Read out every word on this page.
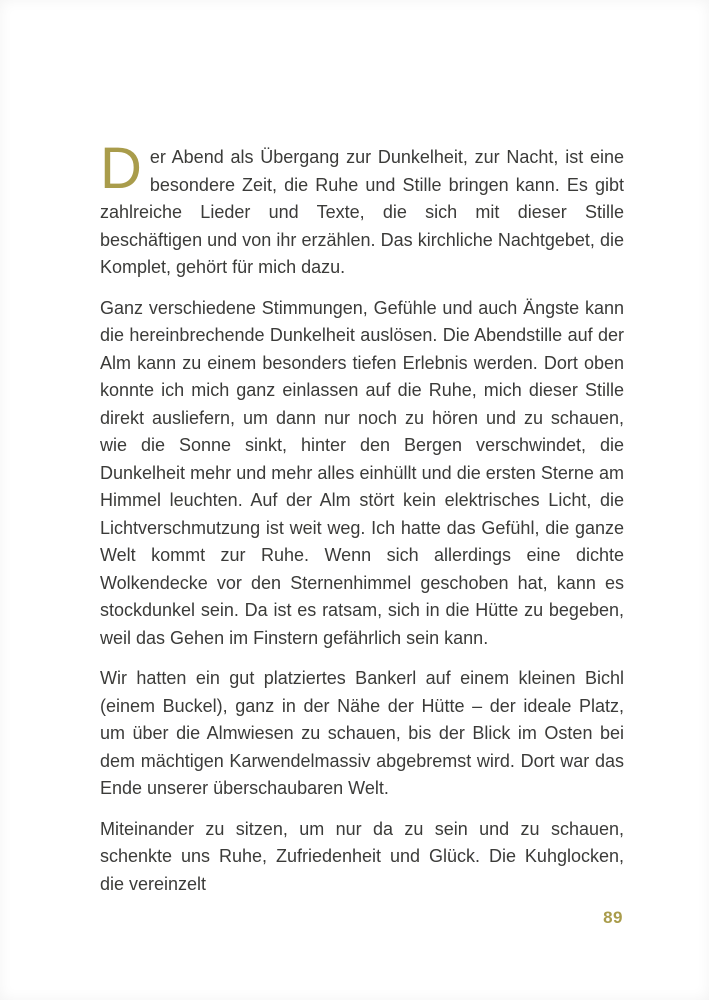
Der Abend als Übergang zur Dunkelheit, zur Nacht, ist eine besondere Zeit, die Ruhe und Stille bringen kann. Es gibt zahlreiche Lieder und Texte, die sich mit dieser Stille beschäftigen und von ihr erzählen. Das kirchliche Nachtgebet, die Komplet, gehört für mich dazu.

Ganz verschiedene Stimmungen, Gefühle und auch Ängste kann die hereinbrechende Dunkelheit auslösen. Die Abendstille auf der Alm kann zu einem besonders tiefen Erlebnis werden. Dort oben konnte ich mich ganz einlassen auf die Ruhe, mich dieser Stille direkt ausliefern, um dann nur noch zu hören und zu schauen, wie die Sonne sinkt, hinter den Bergen verschwindet, die Dunkelheit mehr und mehr alles einhüllt und die ersten Sterne am Himmel leuchten. Auf der Alm stört kein elektrisches Licht, die Lichtverschmutzung ist weit weg. Ich hatte das Gefühl, die ganze Welt kommt zur Ruhe. Wenn sich allerdings eine dichte Wolkendecke vor den Sternenhimmel geschoben hat, kann es stockdunkel sein. Da ist es ratsam, sich in die Hütte zu begeben, weil das Gehen im Finstern gefährlich sein kann.

Wir hatten ein gut platziertes Bankerl auf einem kleinen Bichl (einem Buckel), ganz in der Nähe der Hütte – der ideale Platz, um über die Almwiesen zu schauen, bis der Blick im Osten bei dem mächtigen Karwendelmassiv abgebremst wird. Dort war das Ende unserer überschaubaren Welt.

Miteinander zu sitzen, um nur da zu sein und zu schauen, schenkte uns Ruhe, Zufriedenheit und Glück. Die Kuhglocken, die vereinzelt

89
